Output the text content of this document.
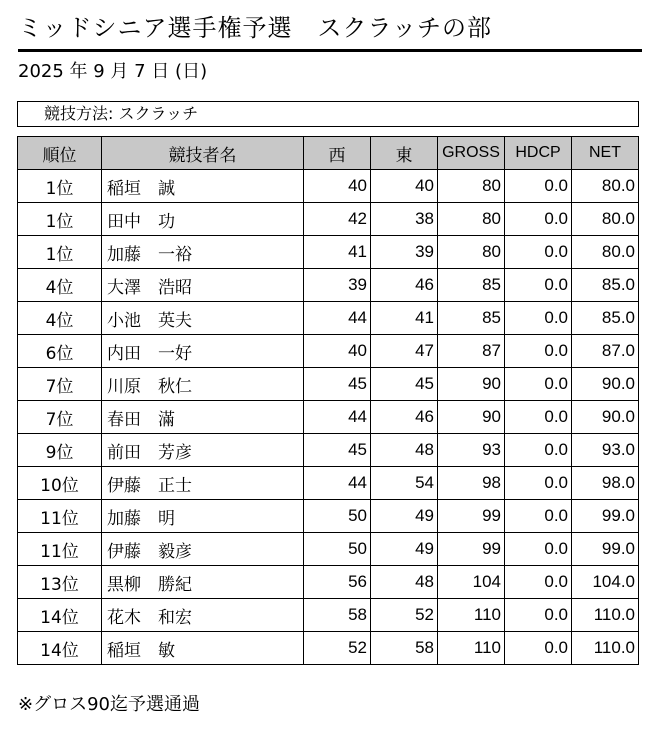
ミッドシニア選手権予選　スクラッチの部
2025 年 9 月 7 日 (日)
競技方法: スクラッチ
順位	競技者名	西	東	GROSS	HDCP	NET
1位	稲垣　誠	40	40	80	0.0	80.0
1位	田中　功	42	38	80	0.0	80.0
1位	加藤　一裕	41	39	80	0.0	80.0
4位	大澤　浩昭	39	46	85	0.0	85.0
4位	小池　英夫	44	41	85	0.0	85.0
6位	内田　一好	40	47	87	0.0	87.0
7位	川原　秋仁	45	45	90	0.0	90.0
7位	春田　滿	44	46	90	0.0	90.0
9位	前田　芳彦	45	48	93	0.0	93.0
10位	伊藤　正士	44	54	98	0.0	98.0
11位	加藤　明	50	49	99	0.0	99.0
11位	伊藤　毅彦	50	49	99	0.0	99.0
13位	黒柳　勝紀	56	48	104	0.0	104.0
14位	花木　和宏	58	52	110	0.0	110.0
14位	稲垣　敏	52	58	110	0.0	110.0
※グロス90迄予選通過
